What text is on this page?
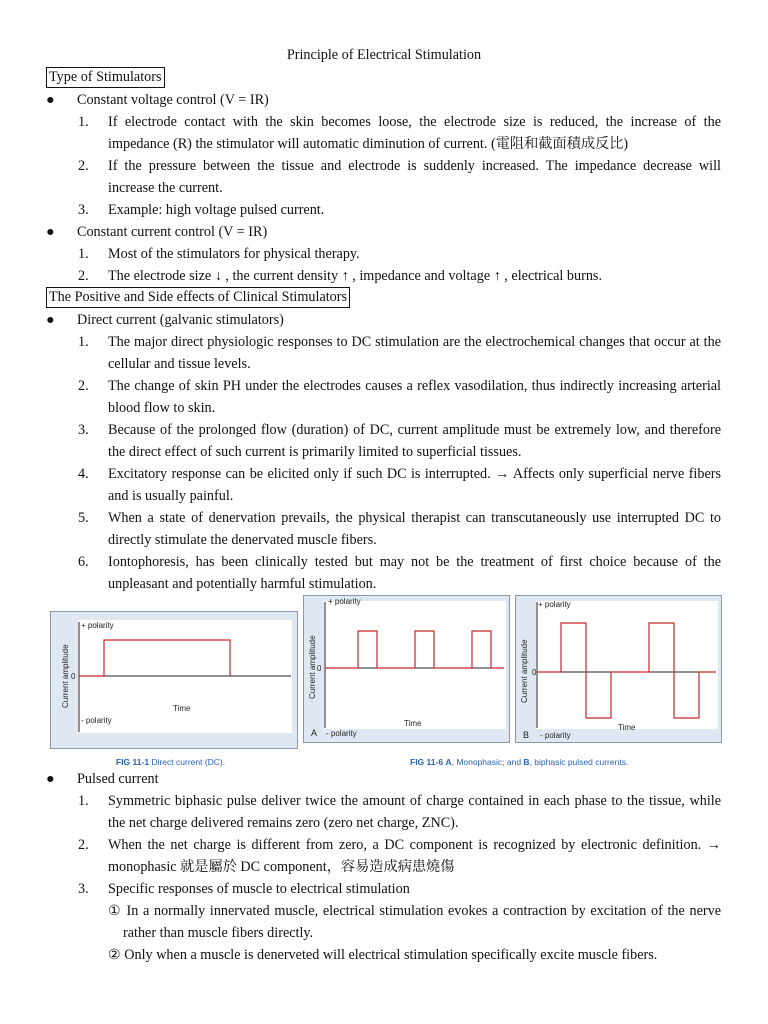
Principle of Electrical Stimulation
Type of Stimulators
● Constant voltage control (V = IR)
1. If electrode contact with the skin becomes loose, the electrode size is reduced, the increase of the impedance (R) the stimulator will automatic diminution of current. (電阻和截面積成反比)
2. If the pressure between the tissue and electrode is suddenly increased. The impedance decrease will increase the current.
3. Example: high voltage pulsed current.
● Constant current control (V = IR)
1. Most of the stimulators for physical therapy.
2. The electrode size ↓ , the current density ↑ , impedance and voltage ↑ , electrical burns.
The Positive and Side effects of Clinical Stimulators
● Direct current (galvanic stimulators)
1. The major direct physiologic responses to DC stimulation are the electrochemical changes that occur at the cellular and tissue levels.
2. The change of skin PH under the electrodes causes a reflex vasodilation, thus indirectly increasing arterial blood flow to skin.
3. Because of the prolonged flow (duration) of DC, current amplitude must be extremely low, and therefore the direct effect of such current is primarily limited to superficial tissues.
4. Excitatory response can be elicited only if such DC is interrupted. → Affects only superficial nerve fibers and is usually painful.
5. When a state of denervation prevails, the physical therapist can transcutaneously use interrupted DC to directly stimulate the denervated muscle fibers.
6. Iontophoresis, has been clinically tested but may not be the treatment of first choice because of the unpleasant and potentially harmful stimulation.
+ polarity
- polarity
0
Time
Current amplitude
FIG 11-1 Direct current (DC).
+ polarity
- polarity
0
Time
A
Current amplitude
+ polarity
- polarity
0
Time
B
Current amplitude
FIG 11-6 A, Monophasic; and B, biphasic pulsed currents.
● Pulsed current
1. Symmetric biphasic pulse deliver twice the amount of charge contained in each phase to the tissue, while the net charge delivered remains zero (zero net charge, ZNC).
2. When the net charge is different from zero, a DC component is recognized by electronic definition. → monophasic 就是屬於 DC component，容易造成病患燒傷
3. Specific responses of muscle to electrical stimulation
① In a normally innervated muscle, electrical stimulation evokes a contraction by excitation of the nerve rather than muscle fibers directly.
② Only when a muscle is denerveted will electrical stimulation specifically excite muscle fibers.
